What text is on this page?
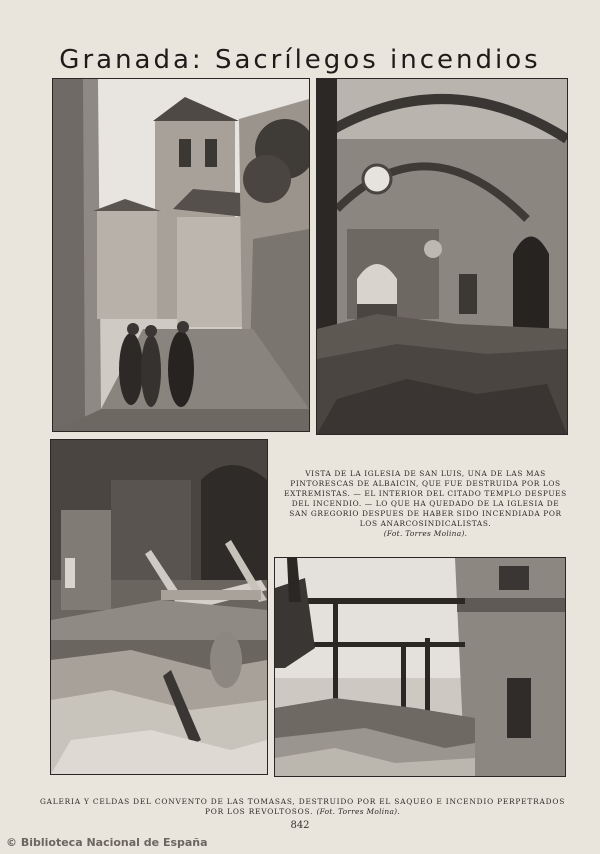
Granada: Sacrílegos incendios

VISTA DE LA IGLESIA DE SAN LUIS, UNA DE LAS MAS PINTORESCAS DE ALBAICIN, QUE FUE DESTRUIDA POR LOS EXTREMISTAS. — EL INTERIOR DEL CITADO TEMPLO DESPUES DEL INCENDIO. — LO QUE HA QUEDADO DE LA IGLESIA DE SAN GREGORIO DESPUES DE HABER SIDO INCENDIADA POR LOS ANARCOSINDICALISTAS.
(Fot. Torres Molina).

GALERIA Y CELDAS DEL CONVENTO DE LAS TOMASAS, DESTRUIDO POR EL SAQUEO E INCENDIO PERPETRADOS POR LOS REVOLTOSOS. (Fot. Torres Molina).

842
© Biblioteca Nacional de España
